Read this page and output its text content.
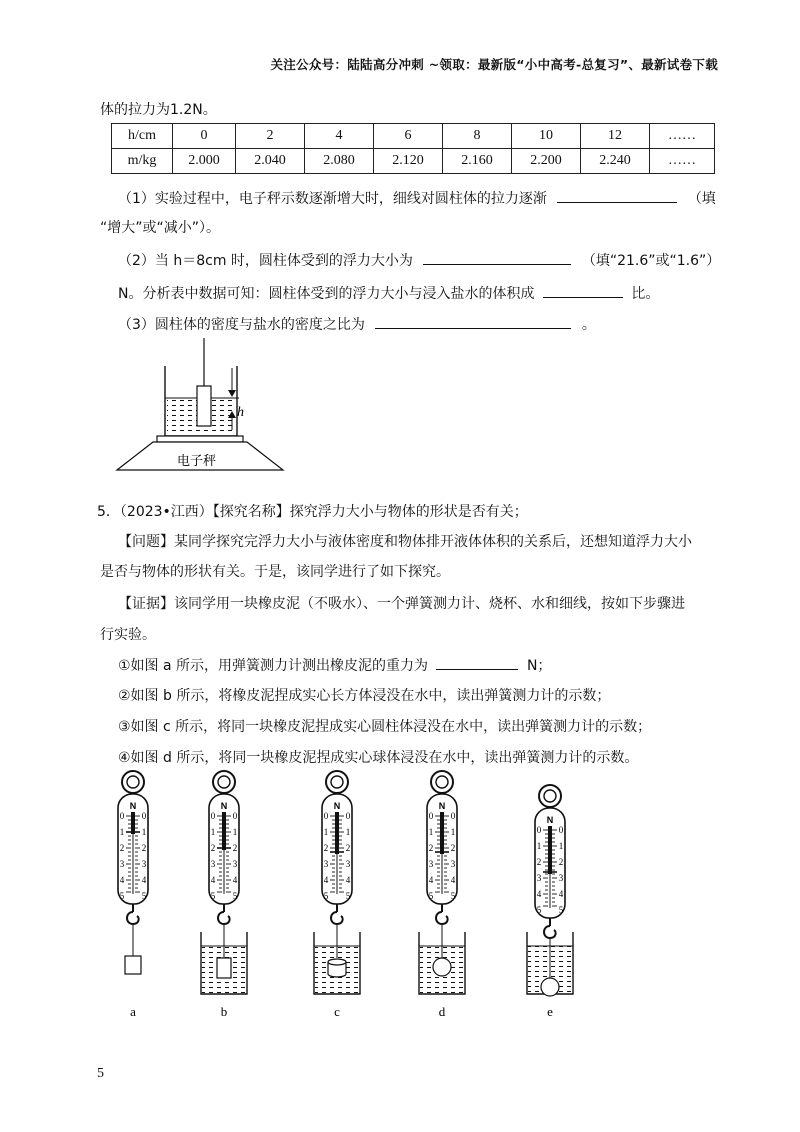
关注公众号：陆陆高分冲刺 ~领取：最新版“小中高考-总复习”、最新试卷下载
体的拉力为1.2N。
h/cm	0	2	4	6	8	10	12	……
m/kg	2.000	2.040	2.080	2.120	2.160	2.200	2.240	……
（1）实验过程中，电子秤示数逐渐增大时，细线对圆柱体的拉力逐渐	（填
“增大”或“减小”）。
（2）当 h＝8cm 时，圆柱体受到的浮力大小为	（填“21.6”或“1.6”）
N。分析表中数据可知：圆柱体受到的浮力大小与浸入盐水的体积成	比。
（3）圆柱体的密度与盐水的密度之比为	。
h
电子秤
5．（2023•江西）【探究名称】探究浮力大小与物体的形状是否有关；
【问题】某同学探究完浮力大小与液体密度和物体排开液体体积的关系后，还想知道浮力大小
是否与物体的形状有关。于是，该同学进行了如下探究。
【证据】该同学用一块橡皮泥（不吸水）、一个弹簧测力计、烧杯、水和细线，按如下步骤进
行实验。
①如图 a 所示，用弹簧测力计测出橡皮泥的重力为	N；
②如图 b 所示，将橡皮泥捏成实心长方体浸没在水中，读出弹簧测力计的示数；
③如图 c 所示，将同一块橡皮泥捏成实心圆柱体浸没在水中，读出弹簧测力计的示数；
④如图 d 所示，将同一块橡皮泥捏成实心球体浸没在水中，读出弹簧测力计的示数。
N
0 0
1 1
2 2
3 3
4 4
5 5
a
N
0 0
1 1
2 2
3 3
4 4
5 5
b
N
0 0
1 1
2 2
3 3
4 4
5 5
c
N
0 0
1 1
2 2
3 3
4 4
5 5
d
N
0 0
1 1
2 2
3 3
4 4
5 5
e
5
